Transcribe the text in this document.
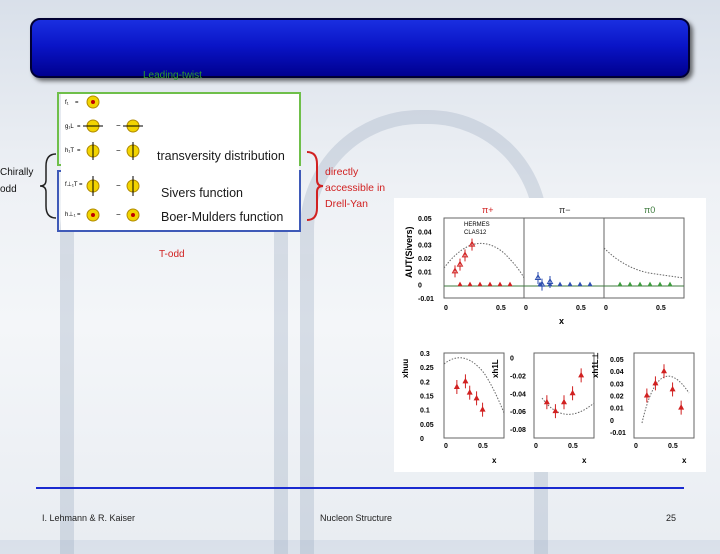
Leading-twist
f₁ =
g₁L =	−
h₁T =	−
f⊥₁T =	−
h⊥₁ =	−
transversity distribution
Sivers function
Boer-Mulders function
directly
accessible in
Drell-Yan
Chirally
odd
T-odd
π+	π−	π0
AUT(Sivers)
x
HERMES
CLAS12
0.05
0.04
0.03
0.02
0.01
0
-0.01
0	0.5	0	0.5	0	0.5
xhuu	xh1L	xh1L⊥
0.3
0.25
0.2
0.15
0.1
0.05
0
0	0.5
x
0
-0.02
-0.04
-0.06
-0.08
0	0.5
x
0.05
0.04
0.03
0.02
0.01
0
-0.01
0	0.5
x
I. Lehmann & R. Kaiser	Nucleon Structure	25
